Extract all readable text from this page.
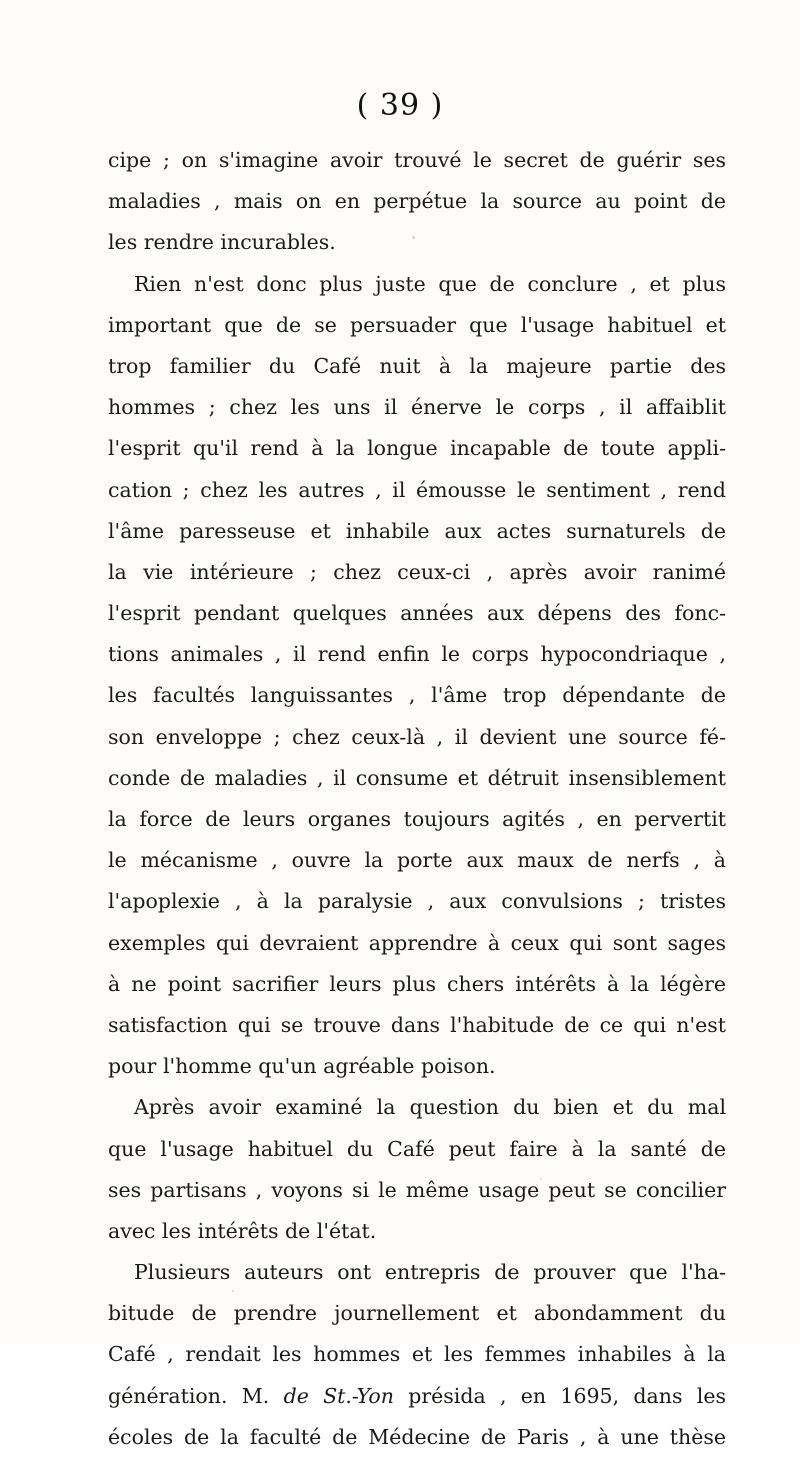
( 39 )
cipe ; on s'imagine avoir trouvé le secret de guérir ses
maladies , mais on en perpétue la source au point de
les rendre incurables.
Rien n'est donc plus juste que de conclure , et plus
important que de se persuader que l'usage habituel et
trop familier du Café nuit à la majeure partie des
hommes ; chez les uns il énerve le corps , il affaiblit
l'esprit qu'il rend à la longue incapable de toute appli-
cation ; chez les autres , il émousse le sentiment , rend
l'âme paresseuse et inhabile aux actes surnaturels de
la vie intérieure ; chez ceux-ci , après avoir ranimé
l'esprit pendant quelques années aux dépens des fonc-
tions animales , il rend enfin le corps hypocondriaque ,
les facultés languissantes , l'âme trop dépendante de
son enveloppe ; chez ceux-là , il devient une source fé-
conde de maladies , il consume et détruit insensiblement
la force de leurs organes toujours agités , en pervertit
le mécanisme , ouvre la porte aux maux de nerfs , à
l'apoplexie , à la paralysie , aux convulsions ; tristes
exemples qui devraient apprendre à ceux qui sont sages
à ne point sacrifier leurs plus chers intérêts à la légère
satisfaction qui se trouve dans l'habitude de ce qui n'est
pour l'homme qu'un agréable poison.
Après avoir examiné la question du bien et du mal
que l'usage habituel du Café peut faire à la santé de
ses partisans , voyons si le même usage peut se concilier
avec les intérêts de l'état.
Plusieurs auteurs ont entrepris de prouver que l'ha-
bitude de prendre journellement et abondamment du
Café , rendait les hommes et les femmes inhabiles à la
génération. M. de St.-Yon présida , en 1695, dans les
écoles de la faculté de Médecine de Paris , à une thèse
